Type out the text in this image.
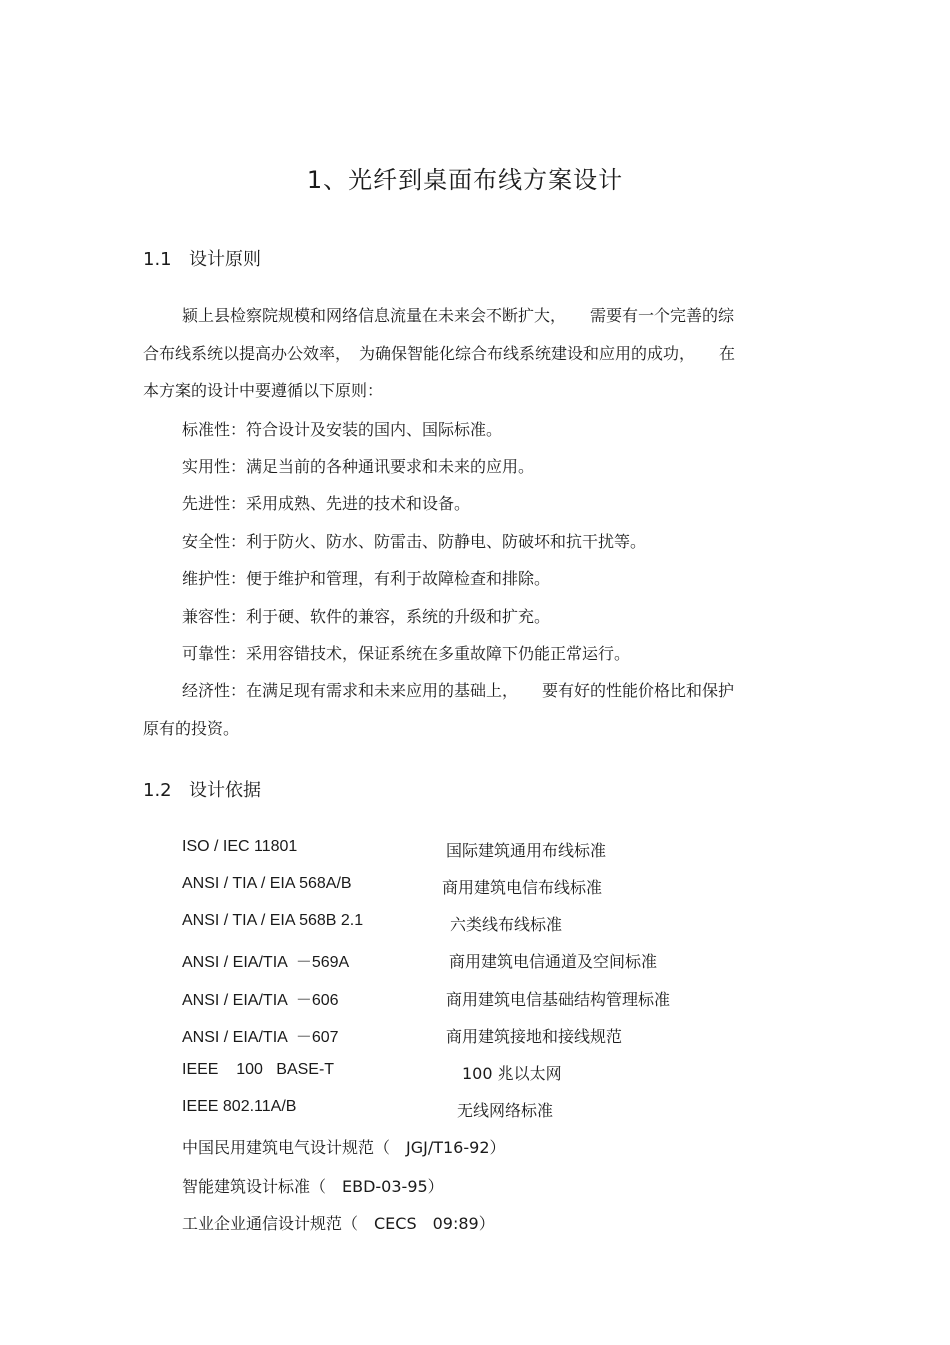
1、光纤到桌面布线方案设计
1.1 设计原则
颍上县检察院规模和网络信息流量在未来会不断扩大，　　需要有一个完善的综
合布线系统以提高办公效率，　为确保智能化综合布线系统建设和应用的成功，　　在
本方案的设计中要遵循以下原则：
标准性：符合设计及安装的国内、国际标准。
实用性：满足当前的各种通讯要求和未来的应用。
先进性：采用成熟、先进的技术和设备。
安全性：利于防火、防水、防雷击、防静电、防破坏和抗干扰等。
维护性：便于维护和管理，有利于故障检查和排除。
兼容性：利于硬、软件的兼容，系统的升级和扩充。
可靠性：采用容错技术，保证系统在多重故障下仍能正常运行。
经济性：在满足现有需求和未来应用的基础上，　　要有好的性能价格比和保护
原有的投资。
1.2 设计依据
ISO / IEC 11801	国际建筑通用布线标准
ANSI / TIA / EIA 568A/B	商用建筑电信布线标准
ANSI / TIA / EIA 568B 2.1	六类线布线标准
ANSI / EIA/TIA  －569A	商用建筑电信通道及空间标准
ANSI / EIA/TIA  －606	商用建筑电信基础结构管理标准
ANSI / EIA/TIA  －607	商用建筑接地和接线规范
IEEE    100   BASE-T	100 兆以太网
IEEE 802.11A/B	无线网络标准
中国民用建筑电气设计规范（　JGJ/T16-92）
智能建筑设计标准（　EBD-03-95）
工业企业通信设计规范（　CECS　09:89）
